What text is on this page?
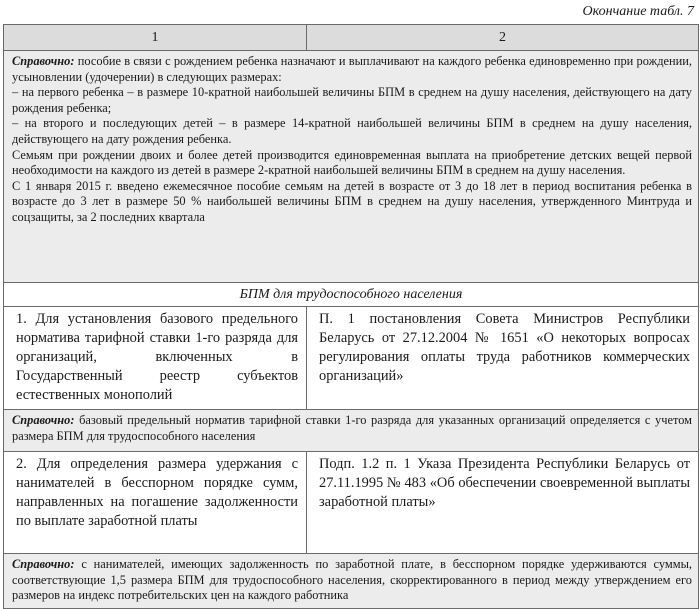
Окончание табл. 7
1	2

Справочно: пособие в связи с рождением ребенка назначают и выплачивают на каждого ребенка единовременно при рождении, усыновлении (удочерении) в следующих размерах:

– на первого ребенка – в размере 10-кратной наибольшей величины БПМ в среднем на душу населения, действующего на дату рождения ребенка;

– на второго и последующих детей – в размере 14-кратной наибольшей величины БПМ в среднем на душу населения, действующего на дату рождения ребенка.

Семьям при рождении двоих и более детей производится единовременная выплата на приобретение детских вещей первой необходимости на каждого из детей в размере 2-кратной наибольшей величины БПМ в среднем на душу населения.

С 1 января 2015 г. введено ежемесячное пособие семьям на детей в возрасте от 3 до 18 лет в период воспитания ребенка в возрасте до 3 лет в размере 50 % наибольшей величины БПМ в среднем на душу населения, утвержденного Минтруда и соцзащиты, за 2 последних квартала	

БПМ для трудоспособного населения	
1. Для установления базового предельного норматива тарифной ставки 1-го разряда для организаций, включенных в Государственный реестр субъектов естественных монополий	П. 1 постановления Совета Министров Республики Беларусь от 27.12.2004 № 1651 «О некоторых вопросах регулирования оплаты труда работников коммерческих организаций»

Справочно: базовый предельный норматив тарифной ставки 1-го разряда для указанных организаций определяется с учетом размера БПМ для трудоспособного населения	

2. Для определения размера удержания с нанимателей в бесспорном порядке сумм, направленных на погашение задолженности по выплате заработной платы	Подп. 1.2 п. 1 Указа Президента Республики Беларусь от 27.11.1995 № 483 «Об обеспечении своевременной выплаты заработной платы»

Справочно: с нанимателей, имеющих задолженность по заработной плате, в бесспорном порядке удерживаются суммы, соответствующие 1,5 размера БПМ для трудоспособного населения, скорректированного в период между утверждением его размеров на индекс потребительских цен на каждого работника	
